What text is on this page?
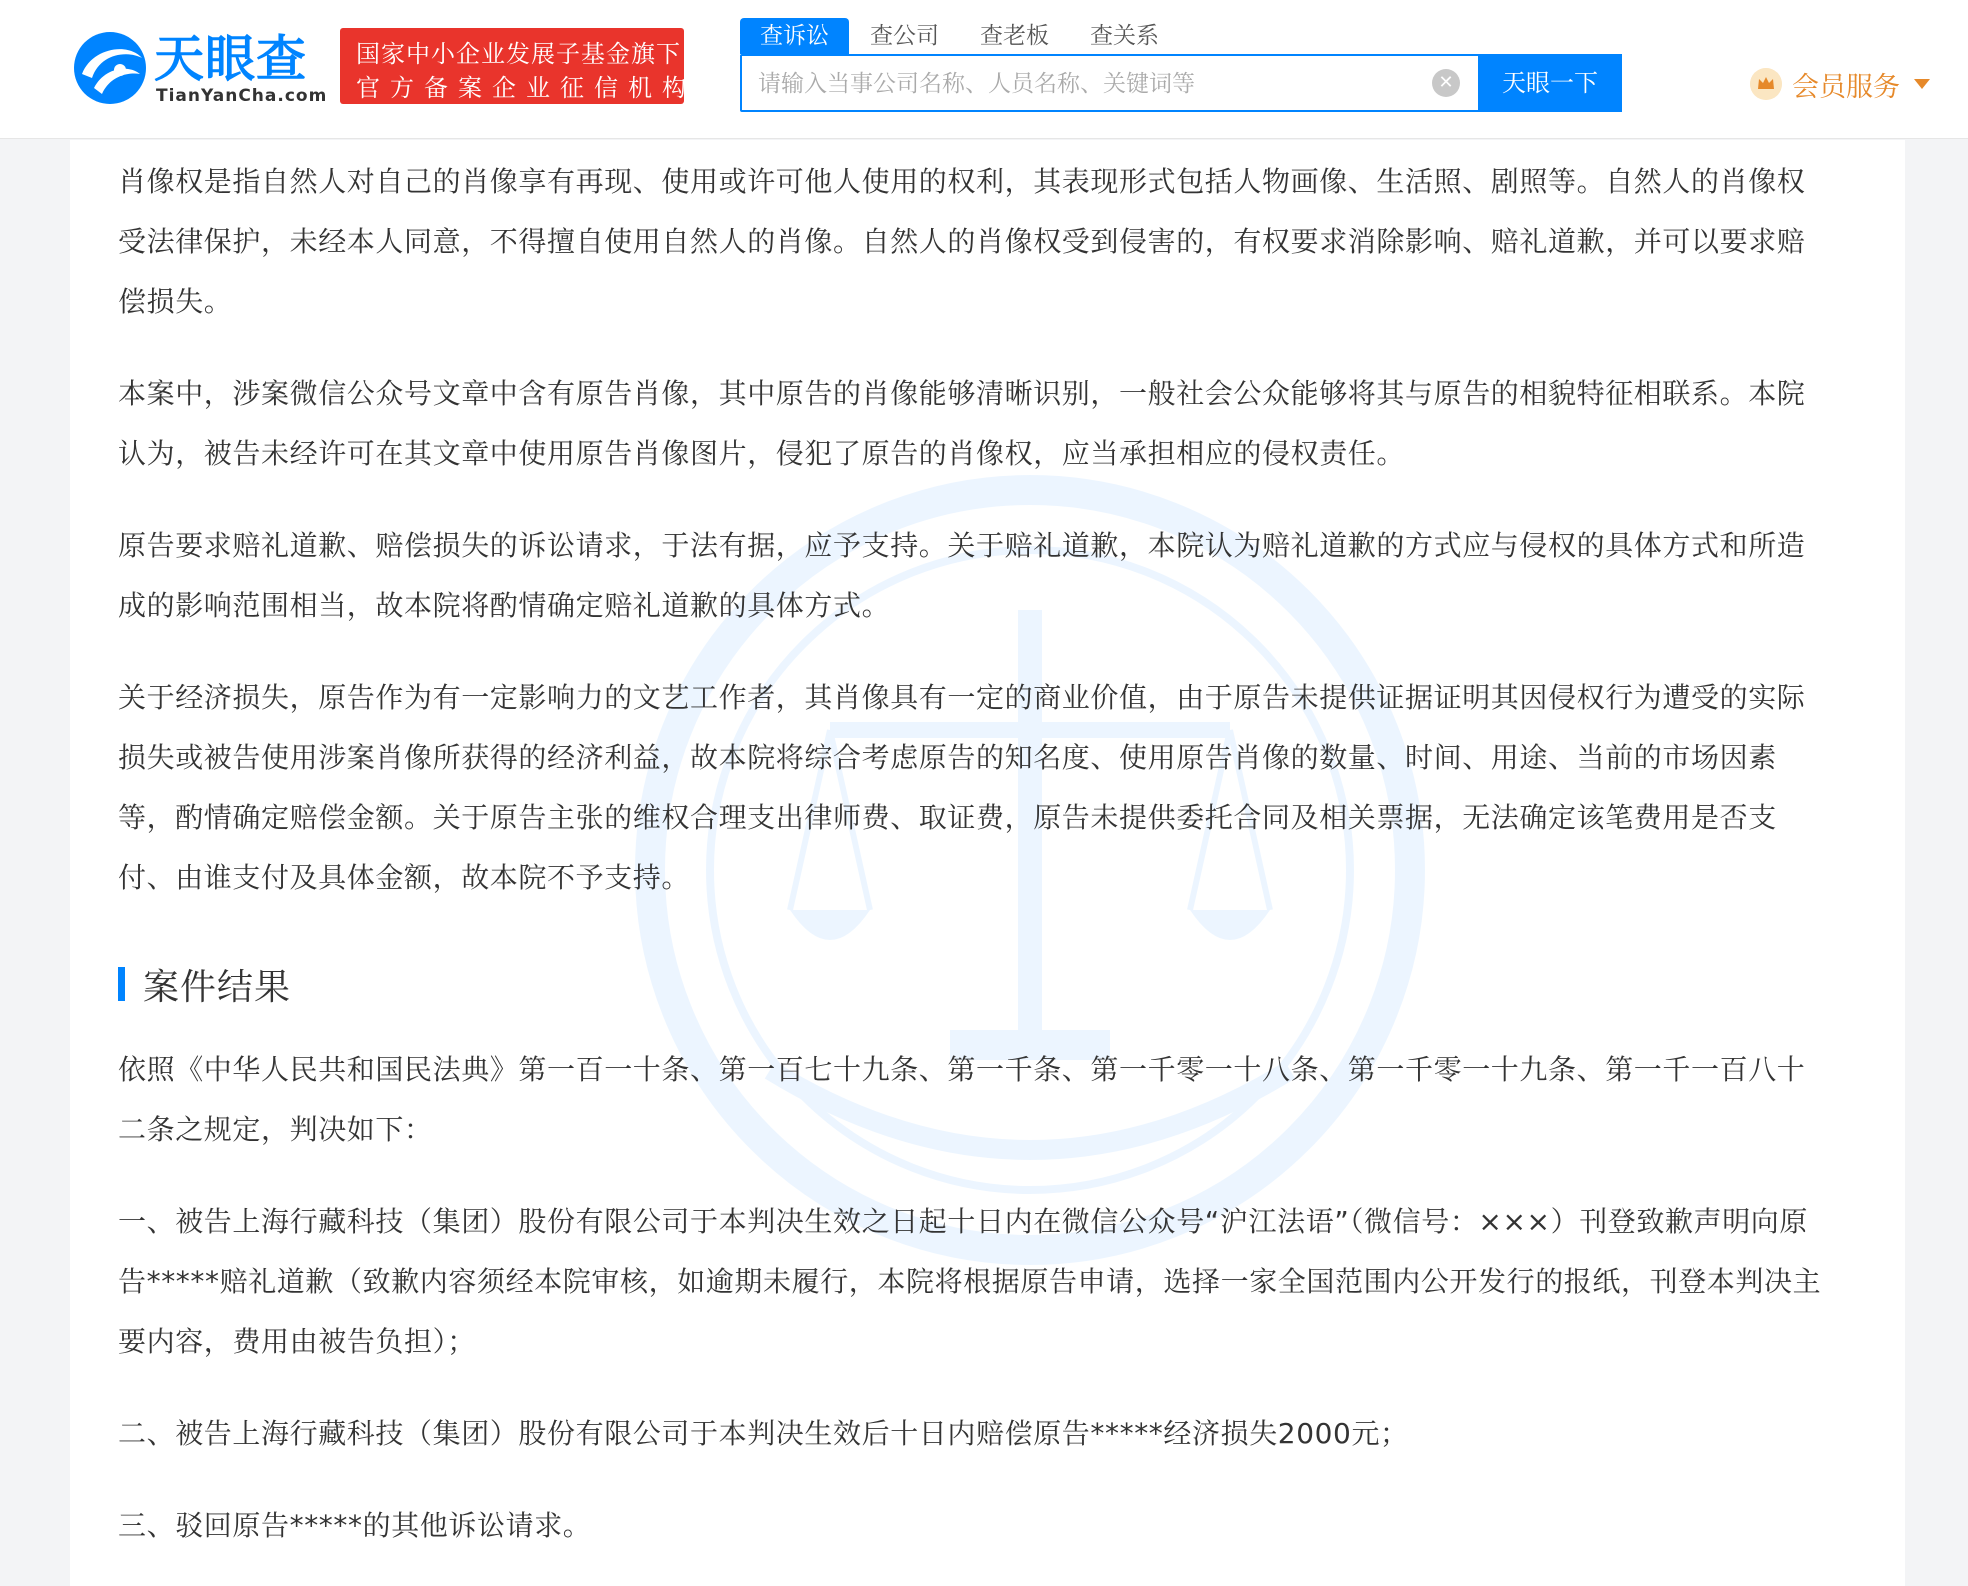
天眼查
TianYanCha.com
国家中小企业发展子基金旗下
官方备案企业征信机构
查诉讼	查公司 查老板 查关系
请输入当事公司名称、人员名称、关键词等
✕	天眼一下	会员服务
肖像权是指自然人对自己的肖像享有再现、使用或许可他人使用的权利，其表现形式包括人物画像、生活照、剧照等。自然人的肖像权
受法律保护，未经本人同意，不得擅自使用自然人的肖像。自然人的肖像权受到侵害的，有权要求消除影响、赔礼道歉，并可以要求赔
偿损失。
本案中，涉案微信公众号文章中含有原告肖像，其中原告的肖像能够清晰识别，一般社会公众能够将其与原告的相貌特征相联系。本院
认为，被告未经许可在其文章中使用原告肖像图片，侵犯了原告的肖像权，应当承担相应的侵权责任。
原告要求赔礼道歉、赔偿损失的诉讼请求，于法有据，应予支持。关于赔礼道歉，本院认为赔礼道歉的方式应与侵权的具体方式和所造
成的影响范围相当，故本院将酌情确定赔礼道歉的具体方式。
关于经济损失，原告作为有一定影响力的文艺工作者，其肖像具有一定的商业价值，由于原告未提供证据证明其因侵权行为遭受的实际
损失或被告使用涉案肖像所获得的经济利益，故本院将综合考虑原告的知名度、使用原告肖像的数量、时间、用途、当前的市场因素
等，酌情确定赔偿金额。关于原告主张的维权合理支出律师费、取证费，原告未提供委托合同及相关票据，无法确定该笔费用是否支
付、由谁支付及具体金额，故本院不予支持。
案件结果
依照《中华人民共和国民法典》第一百一十条、第一百七十九条、第一千条、第一千零一十八条、第一千零一十九条、第一千一百八十
二条之规定，判决如下：
一、被告上海行藏科技（集团）股份有限公司于本判决生效之日起十日内在微信公众号“沪江法语”（微信号：×××）刊登致歉声明向原
告*****赔礼道歉（致歉内容须经本院审核，如逾期未履行，本院将根据原告申请，选择一家全国范围内公开发行的报纸，刊登本判决主
要内容，费用由被告负担）；
二、被告上海行藏科技（集团）股份有限公司于本判决生效后十日内赔偿原告*****经济损失2000元；
三、驳回原告*****的其他诉讼请求。
